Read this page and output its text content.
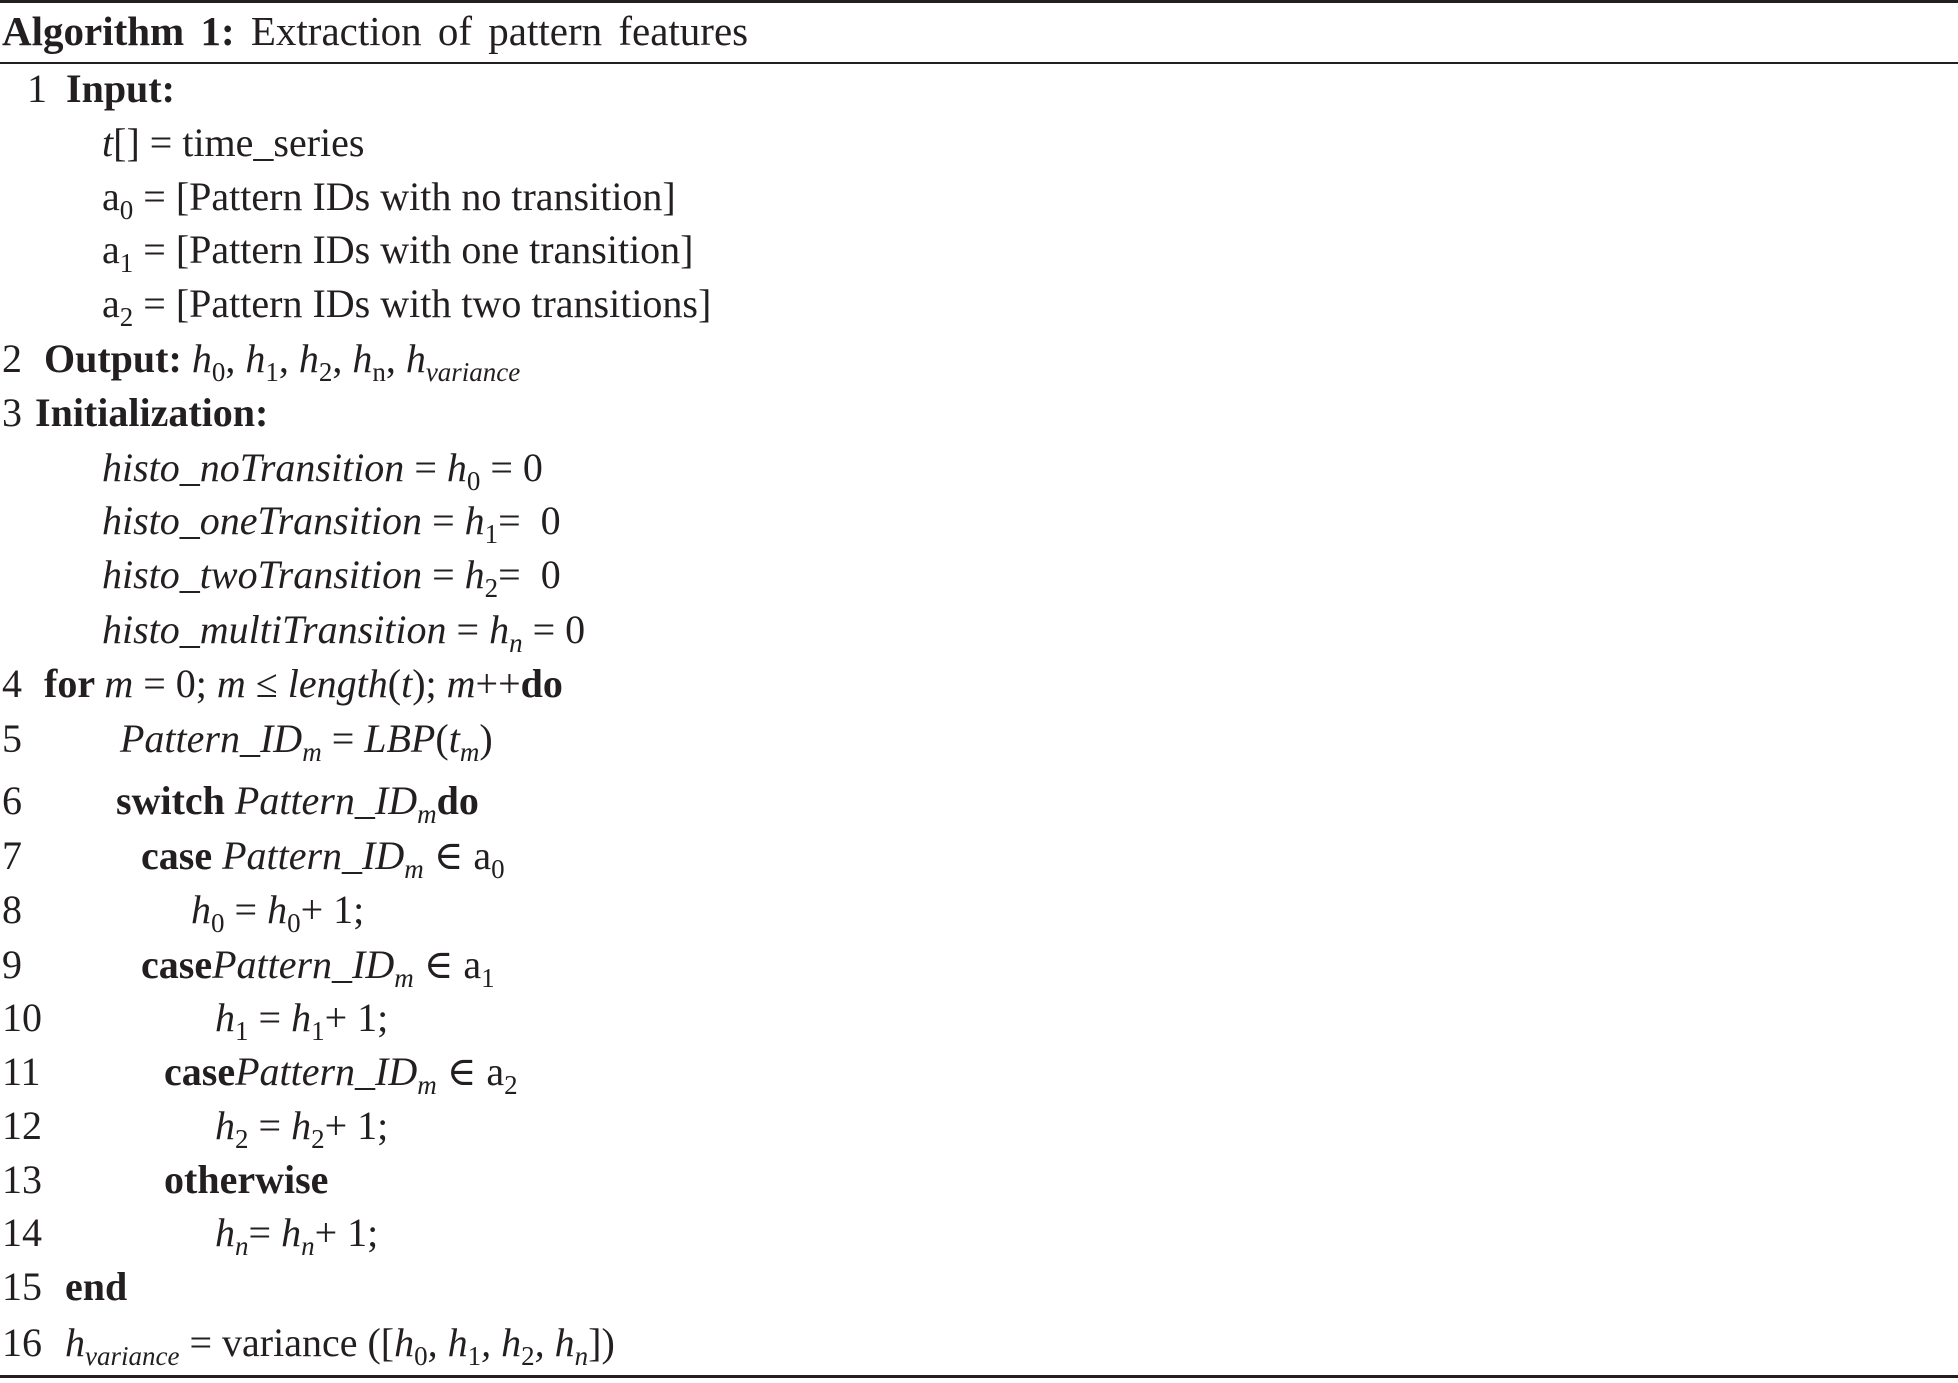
Algorithm 1: Extraction of pattern features
1 Input:
t[] = time_series
$a_0$ = [Pattern IDs with no transition]
$a_1$ = [Pattern IDs with one transition]
$a_2$ = [Pattern IDs with two transitions]
2 Output: $h_0$, $h_1$, $h_2$, $h_n$, $h_{variance}$
3 Initialization:
histo_noTransition = $h_0 = 0$
histo_oneTransition = $h_1= 0$
histo_twoTransition = $h_2= 0$
histo_multiTransition = $h_n = 0$
4 for m = 0; m ≤ length(t); m++do
5 $Pattern\_ID_m = LBP(t_m)$
6 switch $Pattern\_ID_mdo$
7	case $Pattern\_ID_m$ ∈ $a_0$
8	$h_0 = h_0+ 1$;
9	$casePattern\_ID_m$ ∈ $a_1$
10	$h_1 = h_1+ 1$;
11	$casePattern\_ID_m$ ∈ $a_2$
12	$h_2 = h_2+ 1$;
13	otherwise
14	$h_n= h_n+ 1$;
15 end
16 $h_{variance}$ = variance ([$h_0$, $h_1$, $h_2$, $h_n$])
